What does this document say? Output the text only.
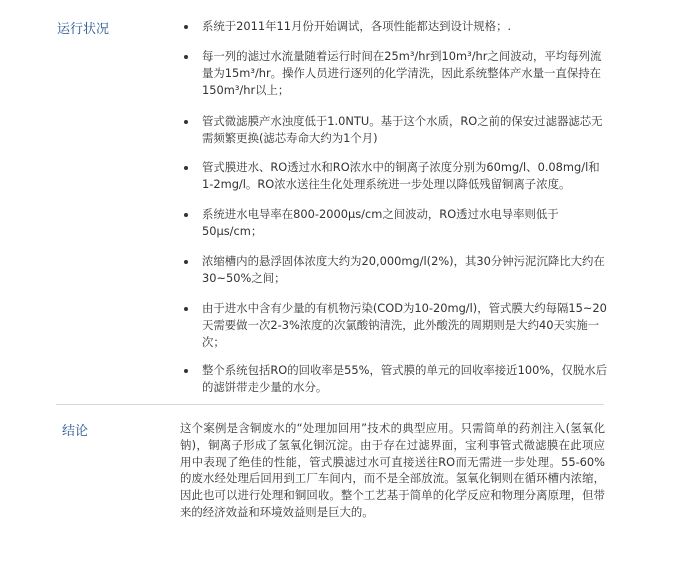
运行状况	系统于2011年11月份开始调试，各项性能都达到设计规格；.
每一列的滤过水流量随着运行时间在25m³/hr到10m³/hr之间波动，平均每列流量为15m³/hr。操作人员进行逐列的化学清洗，因此系统整体产水量一直保持在150m³/hr以上；
管式微滤膜产水浊度低于1.0NTU。基于这个水质，RO之前的保安过滤器滤芯无需频繁更换(滤芯寿命大约为1个月)
管式膜进水、RO透过水和RO浓水中的铜离子浓度分别为60mg/l、0.08mg/l和1-2mg/l。RO浓水送往生化处理系统进一步处理以降低残留铜离子浓度。
系统进水电导率在800-2000μs/cm之间波动，RO透过水电导率则低于50μs/cm；
浓缩槽内的悬浮固体浓度大约为20,000mg/l(2%)，其30分钟污泥沉降比大约在30~50%之间；
由于进水中含有少量的有机物污染(COD为10-20mg/l)，管式膜大约每隔15~20天需要做一次2-3%浓度的次氯酸钠清洗，此外酸洗的周期则是大约40天实施一次；
整个系统包括RO的回收率是55%，管式膜的单元的回收率接近100%，仅脱水后的滤饼带走少量的水分。
结论	这个案例是含铜废水的“处理加回用”技术的典型应用。只需简单的药剂注入(氢氧化钠)，铜离子形成了氢氧化铜沉淀。由于存在过滤界面，宝利事管式微滤膜在此项应用中表现了绝佳的性能，管式膜滤过水可直接送往RO而无需进一步处理。55-60%的废水经处理后回用到工厂车间内，而不是全部放流。氢氧化铜则在循环槽内浓缩，因此也可以进行处理和铜回收。整个工艺基于简单的化学反应和物理分离原理，但带来的经济效益和环境效益则是巨大的。
